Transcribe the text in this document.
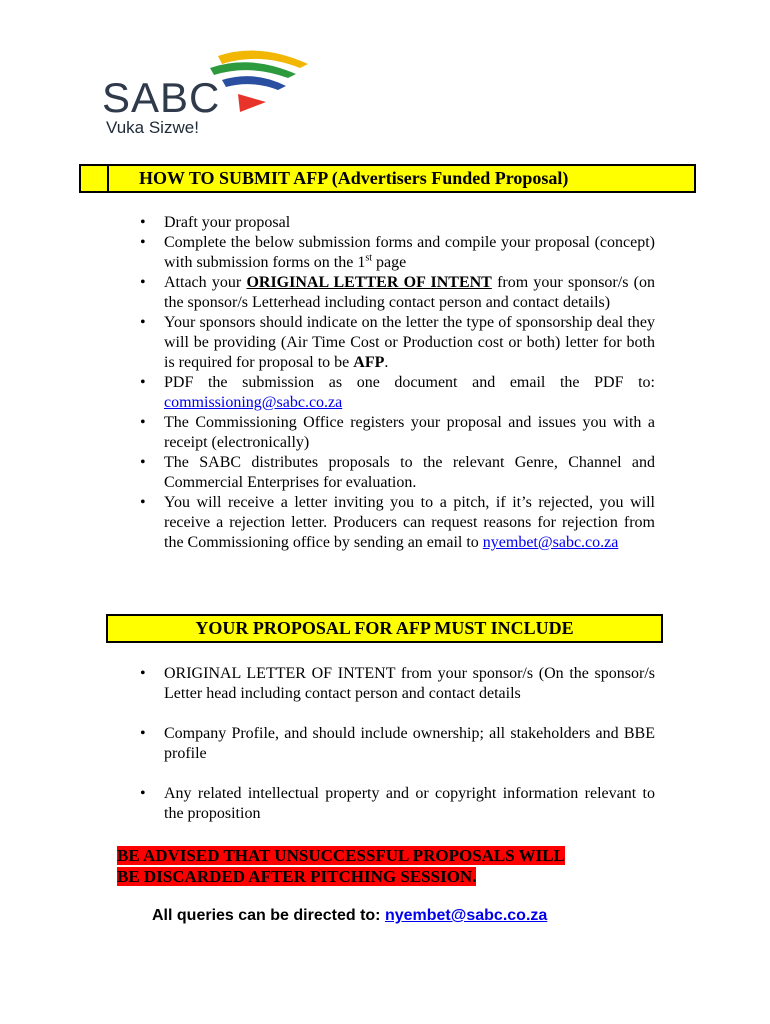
SABC
Vuka Sizwe!
HOW TO SUBMIT AFP (Advertisers Funded Proposal)
• Draft your proposal
• Complete the below submission forms and compile your proposal (concept) with submission forms on the 1st page
• Attach your ORIGINAL LETTER OF INTENT from your sponsor/s (on the sponsor/s Letterhead including contact person and contact details)
• Your sponsors should indicate on the letter the type of sponsorship deal they will be providing (Air Time Cost or Production cost or both) letter for both is required for proposal to be AFP.
• PDF the submission as one document and email the PDF to: commissioning@sabc.co.za
• The Commissioning Office registers your proposal and issues you with a receipt (electronically)
• The SABC distributes proposals to the relevant Genre, Channel and Commercial Enterprises for evaluation.
• You will receive a letter inviting you to a pitch, if it’s rejected, you will receive a rejection letter. Producers can request reasons for rejection from the Commissioning office by sending an email to nyembet@sabc.co.za
YOUR PROPOSAL FOR AFP MUST INCLUDE
• ORIGINAL LETTER OF INTENT from your sponsor/s (On the sponsor/s Letter head including contact person and contact details
• Company Profile, and should include ownership; all stakeholders and BBE profile
• Any related intellectual property and or copyright information relevant to the proposition
BE ADVISED THAT UNSUCCESSFUL PROPOSALS WILL
BE DISCARDED AFTER PITCHING SESSION.
All queries can be directed to: nyembet@sabc.co.za
